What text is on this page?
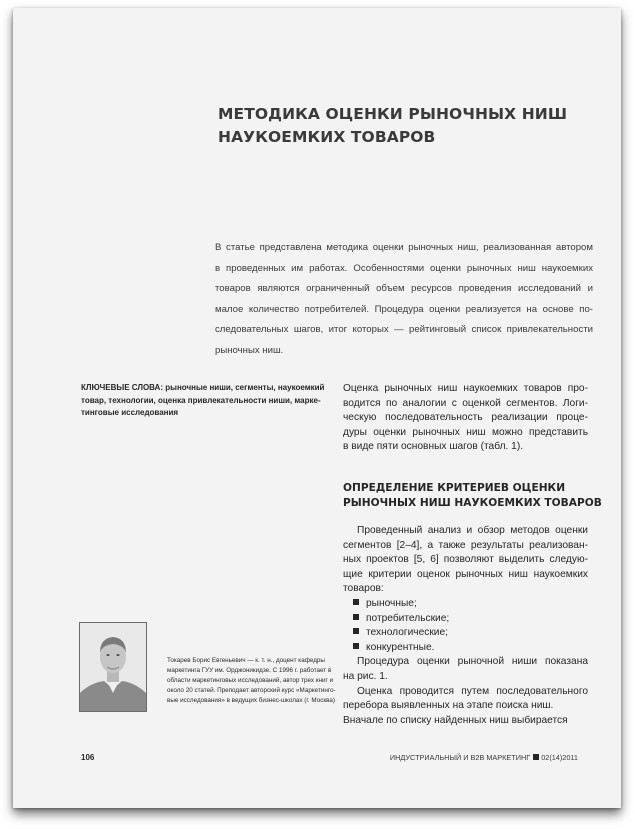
МЕТОДИКА ОЦЕНКИ РЫНОЧНЫХ НИШ
НАУКОЕМКИХ ТОВАРОВ
В статье представлена методика оценки рыночных ниш, реализованная автором
в проведенных им работах. Особенностями оценки рыночных ниш наукоемких
товаров являются ограниченный объем ресурсов проведения исследований и
малое количество потребителей. Процедура оценки реализуется на основе по-
следовательных шагов, итог которых — рейтинговый список привлекательности
рыночных ниш.
КЛЮЧЕВЫЕ СЛОВА: рыночные ниши, сегменты, наукоемкий
товар, технологии, оценка привлекательности ниши, марке-
тинговые исследования
Оценка рыночных ниш наукоемких товаров про-
водится по аналогии с оценкой сегментов. Логи-
ческую последовательность реализации проце-
дуры оценки рыночных ниш можно представить
в виде пяти основных шагов (табл. 1).
ОПРЕДЕЛЕНИЕ КРИТЕРИЕВ ОЦЕНКИ
РЫНОЧНЫХ НИШ НАУКОЕМКИХ ТОВАРОВ
Проведенный анализ и обзор методов оценки
сегментов [2–4], а также результаты реализован-
ных проектов [5, 6] позволяют выделить следую-
щие критерии оценок рыночных ниш наукоемких
товаров:
рыночные;
потребительские;
технологические;
конкурентные.
Процедура оценки рыночной ниши показана
на рис. 1.
Оценка проводится путем последовательного
перебора выявленных на этапе поиска ниш.
Вначале по списку найденных ниш выбирается
Токарев Борис Евгеньевич — к. т. н., доцент кафедры
маркетинга ГУУ им. Орджоникидзе. С 1996 г. работает в
области маркетинговых исследований, автор трех книг и
около 20 статей. Преподает авторский курс «Маркетинго-
вые исследования» в ведущих бизнес-школах (г. Москва)
106	ИНДУСТРИАЛЬНЫЙ И B2B МАРКЕТИНГ 02(14)2011
